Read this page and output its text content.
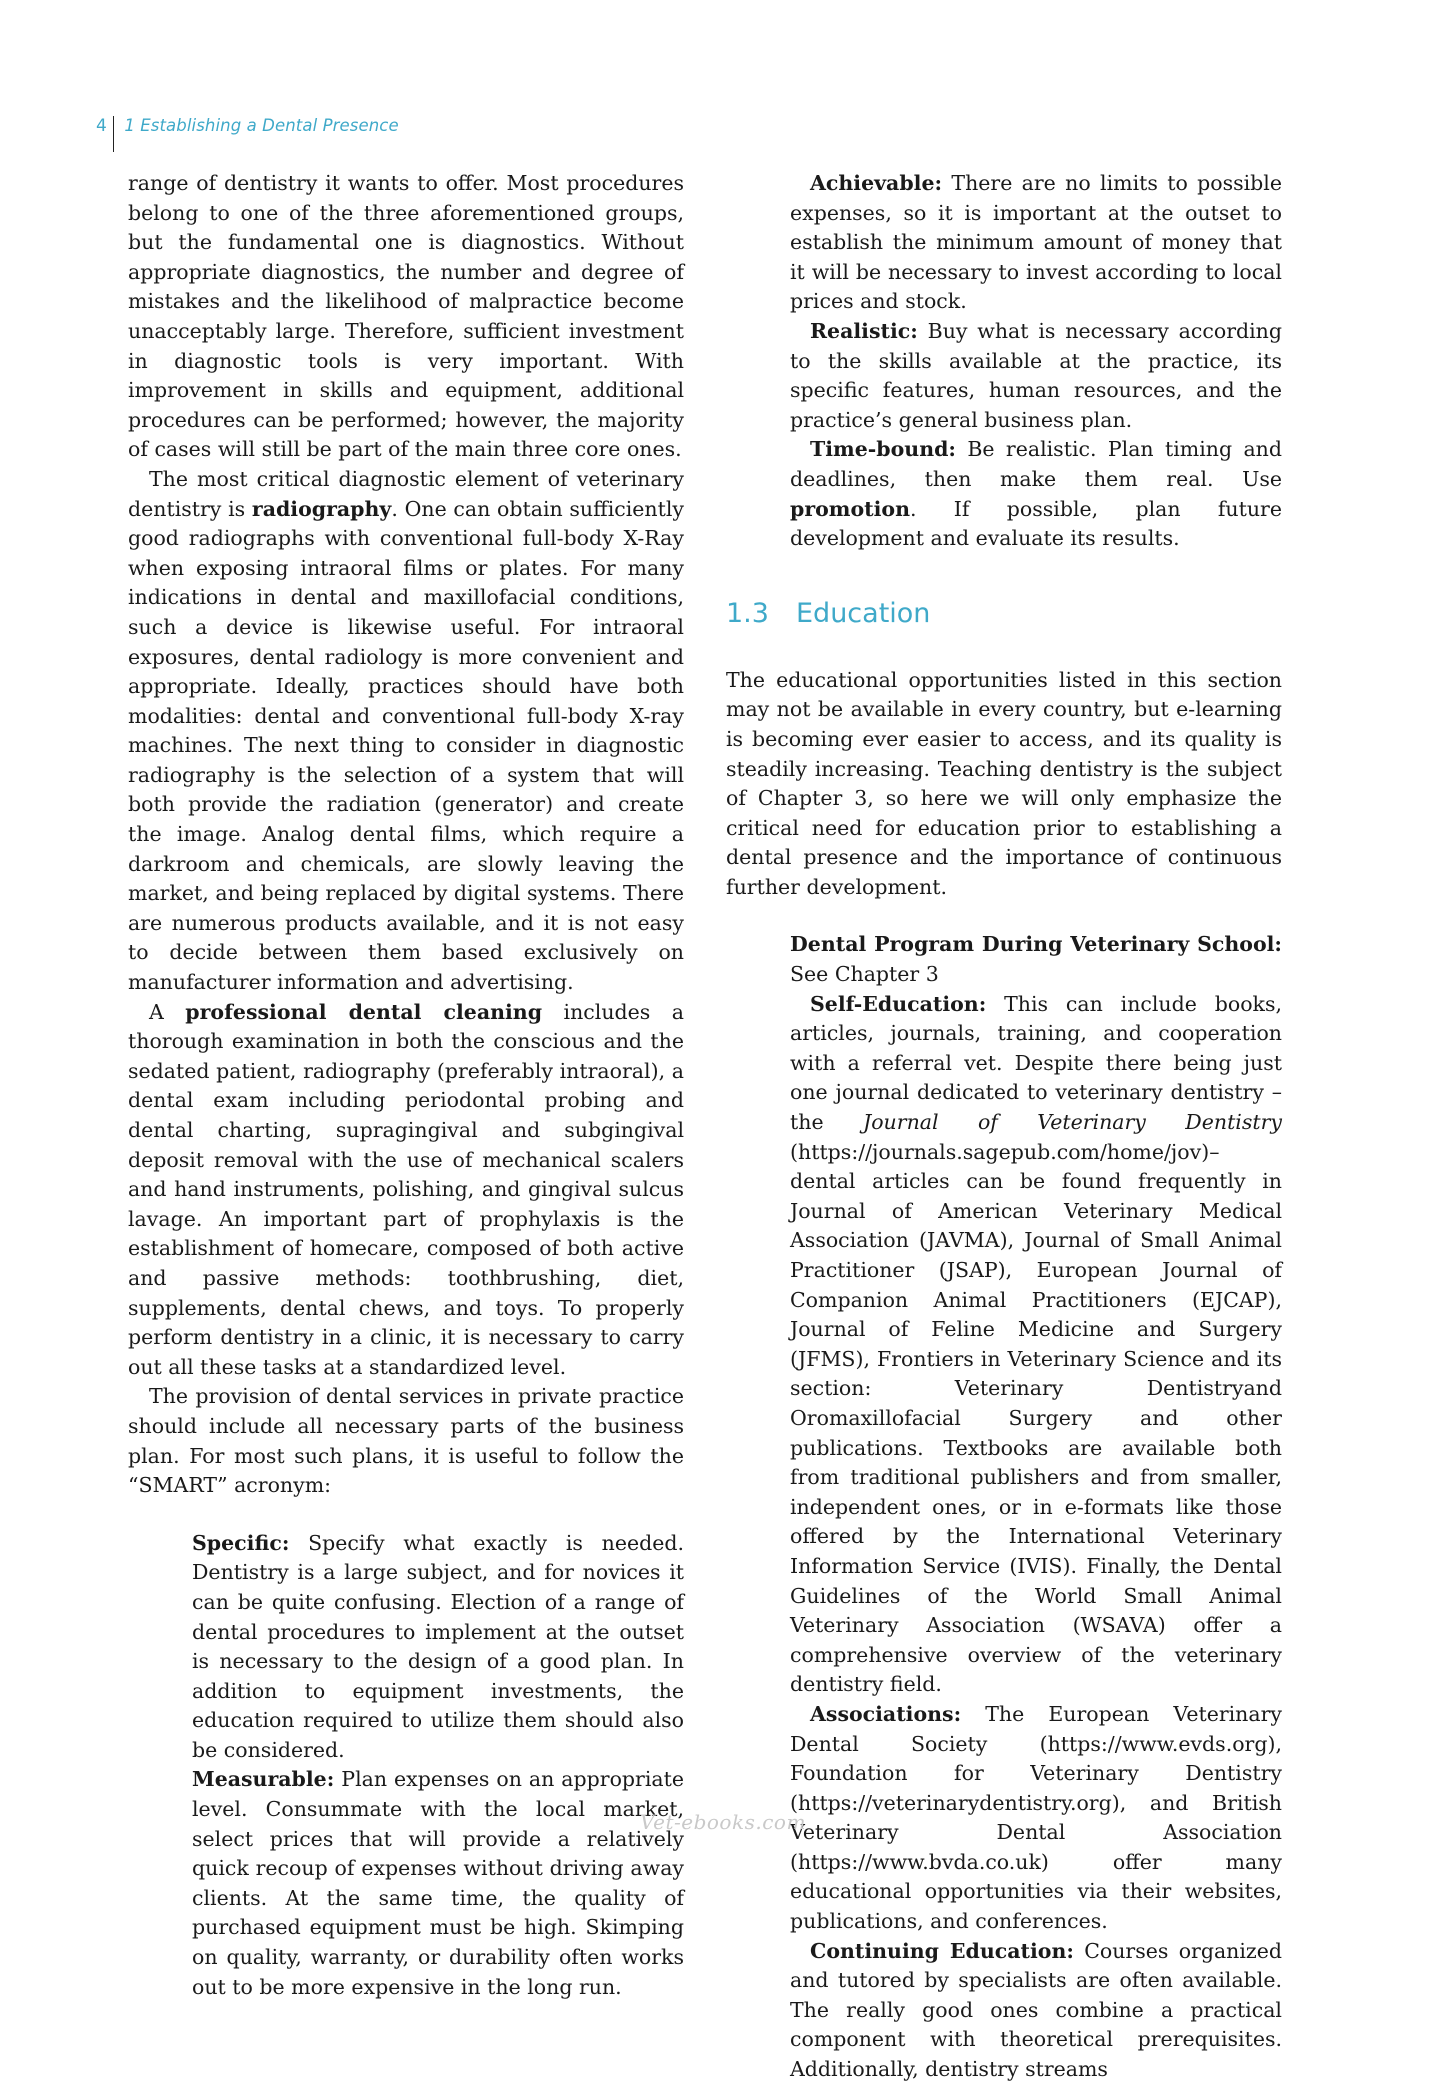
4 1 Establishing a Dental Presence

range of dentistry it wants to offer. Most procedures belong to one of the three aforementioned groups, but the fundamental one is diagnostics. Without appropriate diagnostics, the number and degree of mistakes and the likelihood of malpractice become unacceptably large. Therefore, sufficient investment in diagnostic tools is very important. With improvement in skills and equipment, additional procedures can be performed; however, the majority of cases will still be part of the main three core ones.

The most critical diagnostic element of veterinary dentistry is radiography. One can obtain sufficiently good radiographs with conventional full-body X-Ray when exposing intraoral films or plates. For many indications in dental and maxillofacial conditions, such a device is likewise useful. For intraoral exposures, dental radiology is more convenient and appropriate. Ideally, practices should have both modalities: dental and conventional full-body X-ray machines. The next thing to consider in diagnostic radiography is the selection of a system that will both provide the radiation (generator) and create the image. Analog dental films, which require a darkroom and chemicals, are slowly leaving the market, and being replaced by digital systems. There are numerous products available, and it is not easy to decide between them based exclusively on manufacturer information and advertising.

A professional dental cleaning includes a thorough examination in both the conscious and the sedated patient, radiography (preferably intraoral), a dental exam including periodontal probing and dental charting, supragingival and subgingival deposit removal with the use of mechanical scalers and hand instruments, polishing, and gingival sulcus lavage. An important part of prophylaxis is the establishment of homecare, composed of both active and passive methods: toothbrushing, diet, supplements, dental chews, and toys. To properly perform dentistry in a clinic, it is necessary to carry out all these tasks at a standardized level.

The provision of dental services in private practice should include all necessary parts of the business plan. For most such plans, it is useful to follow the “SMART” acronym:

Specific: Specify what exactly is needed. Dentistry is a large subject, and for novices it can be quite confusing. Election of a range of dental procedures to implement at the outset is necessary to the design of a good plan. In addition to equipment investments, the education required to utilize them should also be considered.

Measurable: Plan expenses on an appropriate level. Consummate with the local market, select prices that will provide a relatively quick recoup of expenses without driving away clients. At the same time, the quality of purchased equipment must be high. Skimping on quality, warranty, or durability often works out to be more expensive in the long run.

Achievable: There are no limits to possible expenses, so it is important at the outset to establish the minimum amount of money that it will be necessary to invest according to local prices and stock.

Realistic: Buy what is necessary according to the skills available at the practice, its specific features, human resources, and the practice’s general business plan.

Time-bound: Be realistic. Plan timing and deadlines, then make them real. Use promotion. If possible, plan future development and evaluate its results.

1.3	Education

The educational opportunities listed in this section may not be available in every country, but e-learning is becoming ever easier to access, and its quality is steadily increasing. Teaching dentistry is the subject of Chapter 3, so here we will only emphasize the critical need for education prior to establishing a dental presence and the importance of continuous further development.

Dental Program During Veterinary School: See Chapter 3

Self-Education: This can include books, articles, journals, training, and cooperation with a referral vet. Despite there being just one journal dedicated to veterinary dentistry – the Journal of Veterinary Dentistry (https://journals.sagepub.com/home/jov)– dental articles can be found frequently in Journal of American Veterinary Medical Association (JAVMA), Journal of Small Animal Practitioner (JSAP), European Journal of Companion Animal Practitioners (EJCAP), Journal of Feline Medicine and Surgery (JFMS), Frontiers in Veterinary Science and its section: Veterinary Dentistryand Oromaxillofacial Surgery and other publications. Textbooks are available both from traditional publishers and from smaller, independent ones, or in e-formats like those offered by the International Veterinary Information Service (IVIS). Finally, the Dental Guidelines of the World Small Animal Veterinary Association (WSAVA) offer a comprehensive overview of the veterinary dentistry field.

Associations: The European Veterinary Dental Society (https://www.evds.org), Foundation for Veterinary Dentistry (https://veterinarydentistry.org), and British Veterinary Dental Association (https://www.bvda.co.uk) offer many educational opportunities via their websites, publications, and conferences.

Continuing Education: Courses organized and tutored by specialists are often available. The really good ones combine a practical component with theoretical prerequisites. Additionally, dentistry streams

Vet-ebooks.com
